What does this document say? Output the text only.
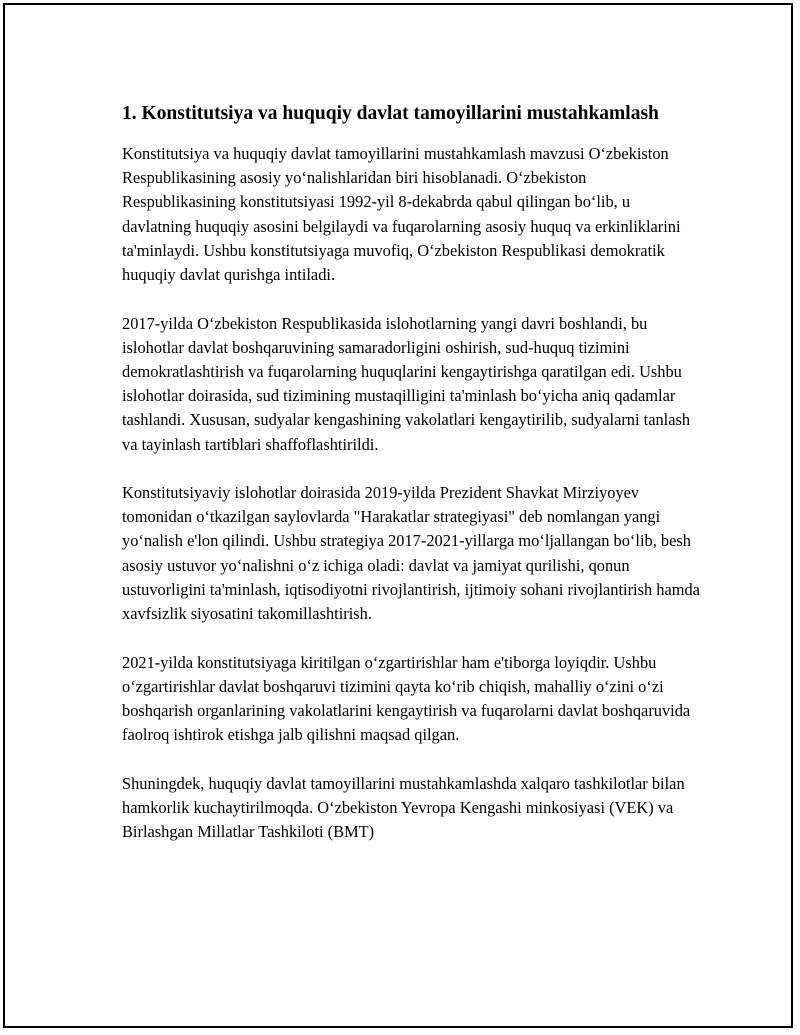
1. Konstitutsiya va huquqiy davlat tamoyillarini mustahkamlash

Konstitutsiya va huquqiy davlat tamoyillarini mustahkamlash mavzusi O‘zbekiston Respublikasining asosiy yo‘nalishlaridan biri hisoblanadi. O‘zbekiston Respublikasining konstitutsiyasi 1992-yil 8-dekabrda qabul qilingan bo‘lib, u davlatning huquqiy asosini belgilaydi va fuqarolarning asosiy huquq va erkinliklarini ta'minlaydi. Ushbu konstitutsiyaga muvofiq, O‘zbekiston Respublikasi demokratik huquqiy davlat qurishga intiladi.

2017-yilda O‘zbekiston Respublikasida islohotlarning yangi davri boshlandi, bu islohotlar davlat boshqaruvining samaradorligini oshirish, sud-huquq tizimini demokratlashtirish va fuqarolarning huquqlarini kengaytirishga qaratilgan edi. Ushbu islohotlar doirasida, sud tizimining mustaqilligini ta'minlash bo‘yicha aniq qadamlar tashlandi. Xususan, sudyalar kengashining vakolatlari kengaytirilib, sudyalarni tanlash va tayinlash tartiblari shaffoflashtirildi.

Konstitutsiyaviy islohotlar doirasida 2019-yilda Prezident Shavkat Mirziyoyev tomonidan o‘tkazilgan saylovlarda "Harakatlar strategiyasi" deb nomlangan yangi yo‘nalish e'lon qilindi. Ushbu strategiya 2017-2021-yillarga mo‘ljallangan bo‘lib, besh asosiy ustuvor yo‘nalishni o‘z ichiga oladi: davlat va jamiyat qurilishi, qonun ustuvorligini ta'minlash, iqtisodiyotni rivojlantirish, ijtimoiy sohani rivojlantirish hamda xavfsizlik siyosatini takomillashtirish.

2021-yilda konstitutsiyaga kiritilgan o‘zgartirishlar ham e'tiborga loyiqdir. Ushbu o‘zgartirishlar davlat boshqaruvi tizimini qayta ko‘rib chiqish, mahalliy o‘zini o‘zi boshqarish organlarining vakolatlarini kengaytirish va fuqarolarni davlat boshqaruvida faolroq ishtirok etishga jalb qilishni maqsad qilgan.

Shuningdek, huquqiy davlat tamoyillarini mustahkamlashda xalqaro tashkilotlar bilan hamkorlik kuchaytirilmoqda. O‘zbekiston Yevropa Kengashi minkosiyasi (VEK) va Birlashgan Millatlar Tashkiloti (BMT)
